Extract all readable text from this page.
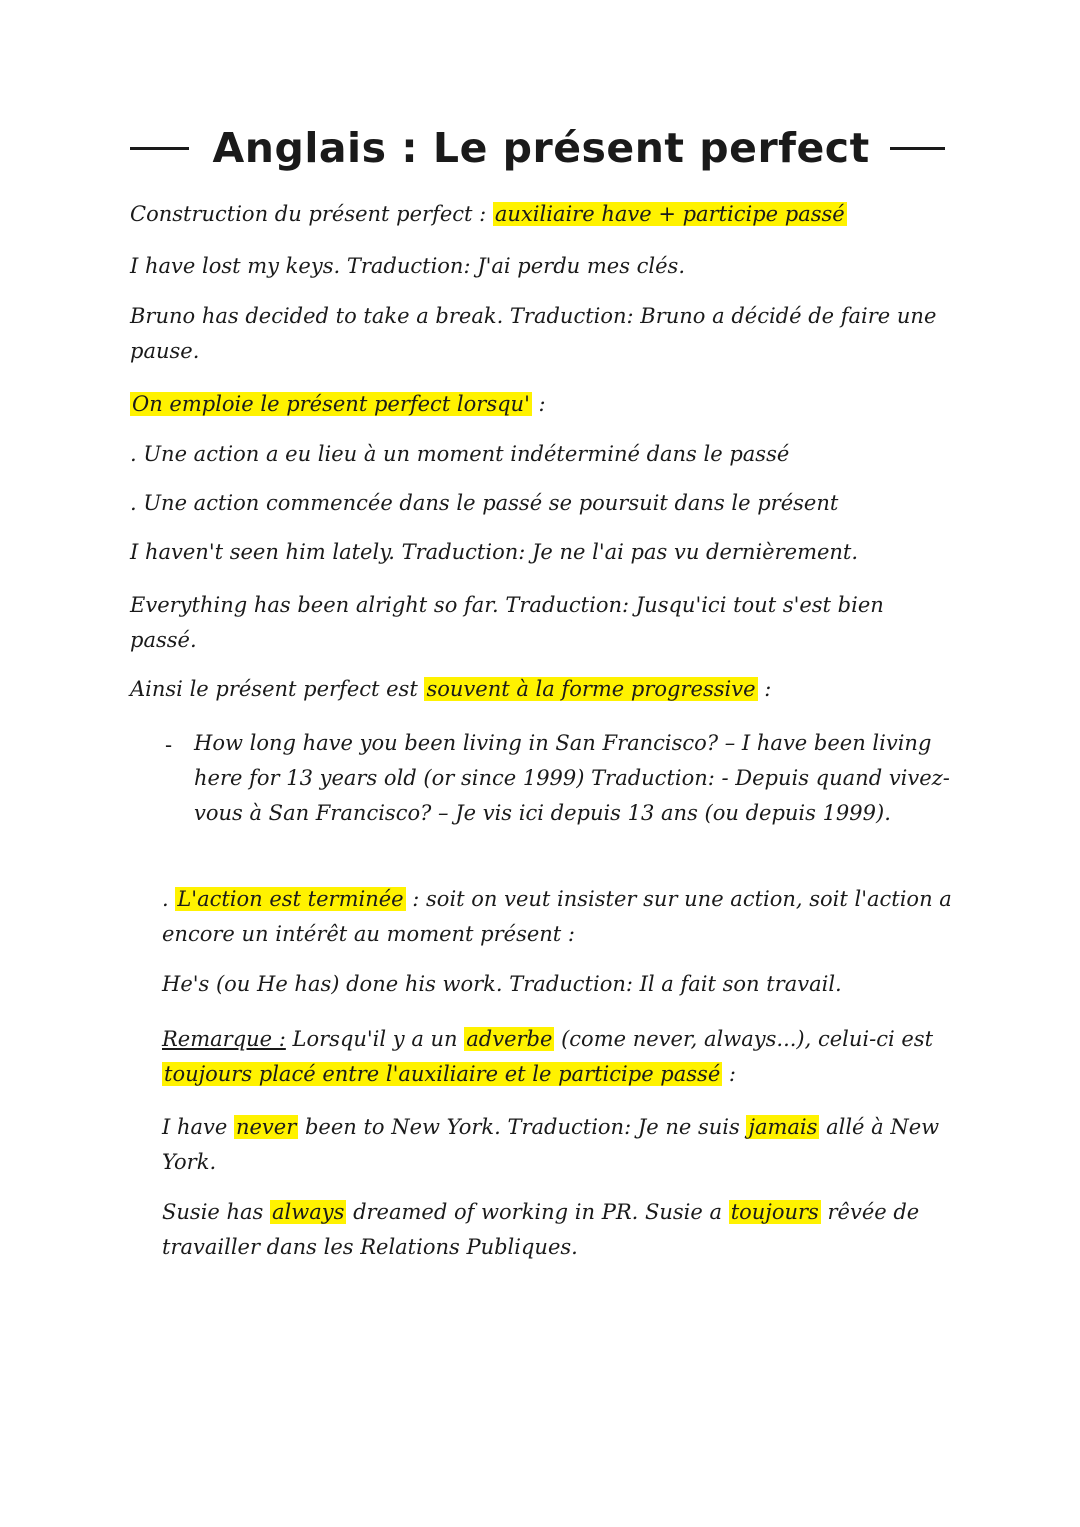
Anglais : Le présent perfect
Construction du présent perfect : auxiliaire have + participe passé
I have lost my keys. Traduction: J'ai perdu mes clés.
Bruno has decided to take a break. Traduction: Bruno a décidé de faire une pause.
On emploie le présent perfect lorsqu' :
. Une action a eu lieu à un moment indéterminé dans le passé
. Une action commencée dans le passé se poursuit dans le présent
I haven't seen him lately. Traduction: Je ne l'ai pas vu dernièrement.
Everything has been alright so far. Traduction: Jusqu'ici tout s'est bien passé.
Ainsi le présent perfect est souvent à la forme progressive :
- How long have you been living in San Francisco? – I have been living here for 13 years old (or since 1999) Traduction: - Depuis quand vivez-vous à San Francisco? – Je vis ici depuis 13 ans (ou depuis 1999).
. L'action est terminée : soit on veut insister sur une action, soit l'action a encore un intérêt au moment présent :
He's (ou He has) done his work. Traduction: Il a fait son travail.
Remarque : Lorsqu'il y a un adverbe (come never, always...), celui-ci est toujours placé entre l'auxiliaire et le participe passé :
I have never been to New York. Traduction: Je ne suis jamais allé à New York.
Susie has always dreamed of working in PR. Susie a toujours rêvée de travailler dans les Relations Publiques.
